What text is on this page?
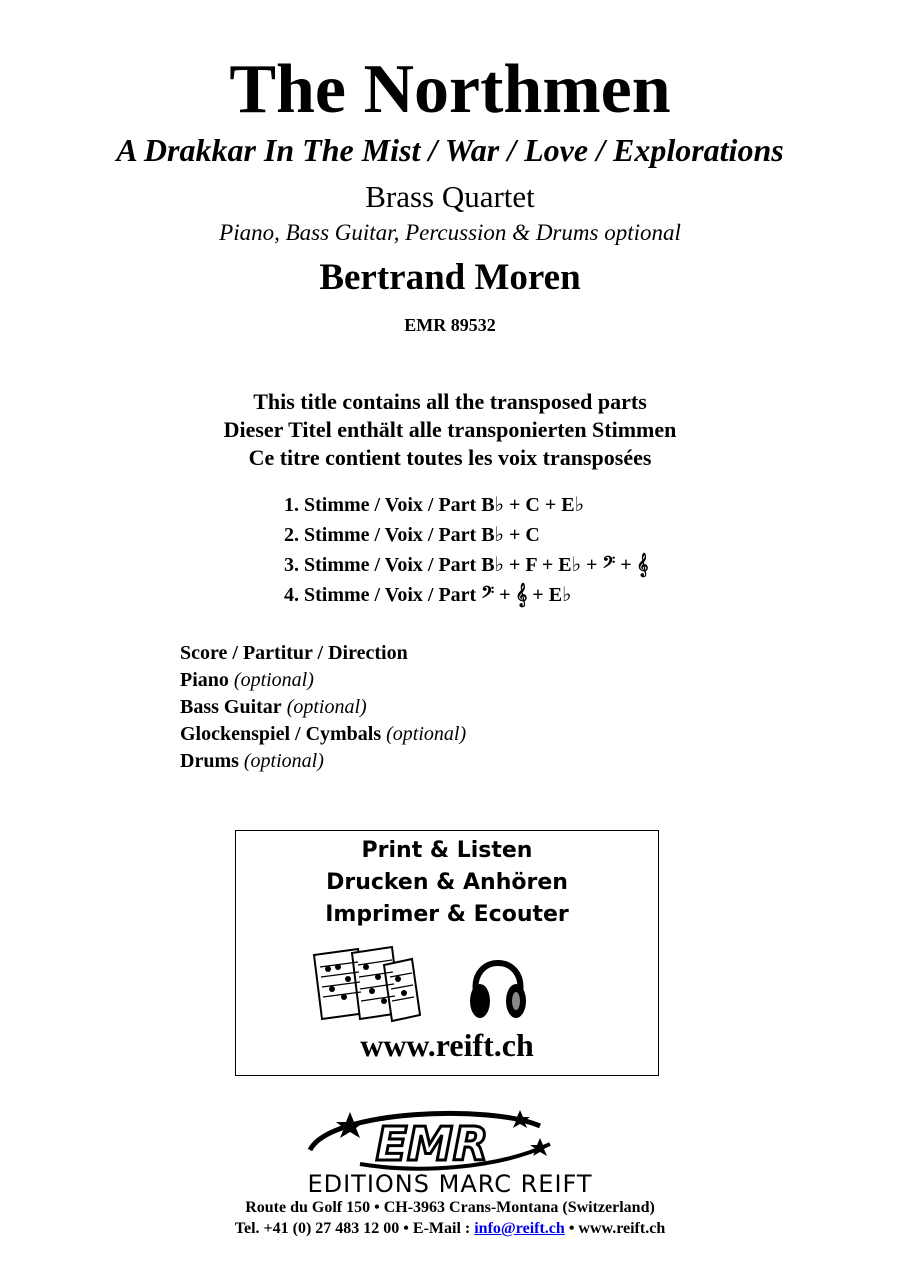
The Northmen
A Drakkar In The Mist / War / Love / Explorations
Brass Quartet
Piano, Bass Guitar, Percussion & Drums optional
Bertrand Moren
EMR 89532
This title contains all the transposed parts
Dieser Titel enthält alle transponierten Stimmen
Ce titre contient toutes les voix transposées
1. Stimme / Voix / Part B♭ + C + E♭
2. Stimme / Voix / Part B♭ + C
3. Stimme / Voix / Part B♭ + F + E♭ + 𝄢 + 𝄞
4. Stimme / Voix / Part 𝄢 + 𝄞 + E♭
Score / Partitur / Direction
Piano (optional)
Bass Guitar (optional)
Glockenspiel / Cymbals (optional)
Drums (optional)
Print & Listen
Drucken & Anhören
Imprimer & Ecouter
www.reift.ch
EMR
EDITIONS MARC REIFT
Route du Golf 150 • CH-3963 Crans-Montana (Switzerland)
Tel. +41 (0) 27 483 12 00 • E-Mail : info@reift.ch • www.reift.ch
